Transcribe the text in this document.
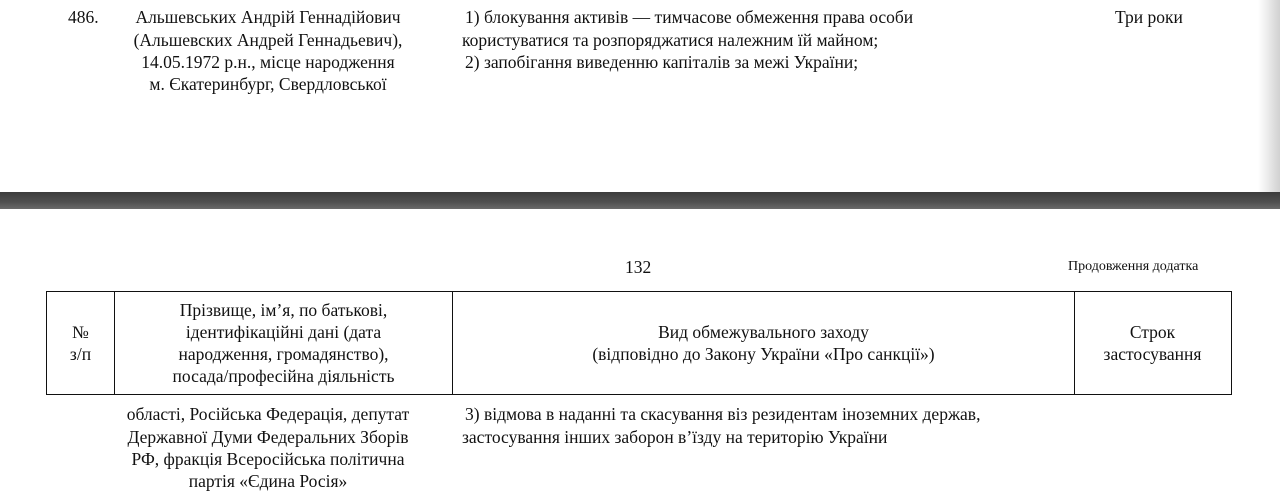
486.	Альшевських Андрій Геннадійович
(Альшевских Андрей Геннадьевич),
14.05.1972 р.н., місце народження
м. Єкатеринбург, Свердловської
1) блокування активів — тимчасове обмеження права особи
користуватися та розпоряджатися належним їй майном;
2) запобігання виведенню капіталів за межі України;
Три роки
132	Продовження додатка
№
з/п
Прізвище, ім’я, по батькові,
ідентифікаційні дані (дата
народження, громадянство),
посада/професійна діяльність
Вид обмежувального заходу
(відповідно до Закону України «Про санкції»)
Строк
застосування
області, Російська Федерація, депутат
Державної Думи Федеральних Зборів
РФ, фракція Всеросійська політична
партія «Єдина Росія»
3) відмова в наданні та скасування віз резидентам іноземних держав,
застосування інших заборон в’їзду на територію України
